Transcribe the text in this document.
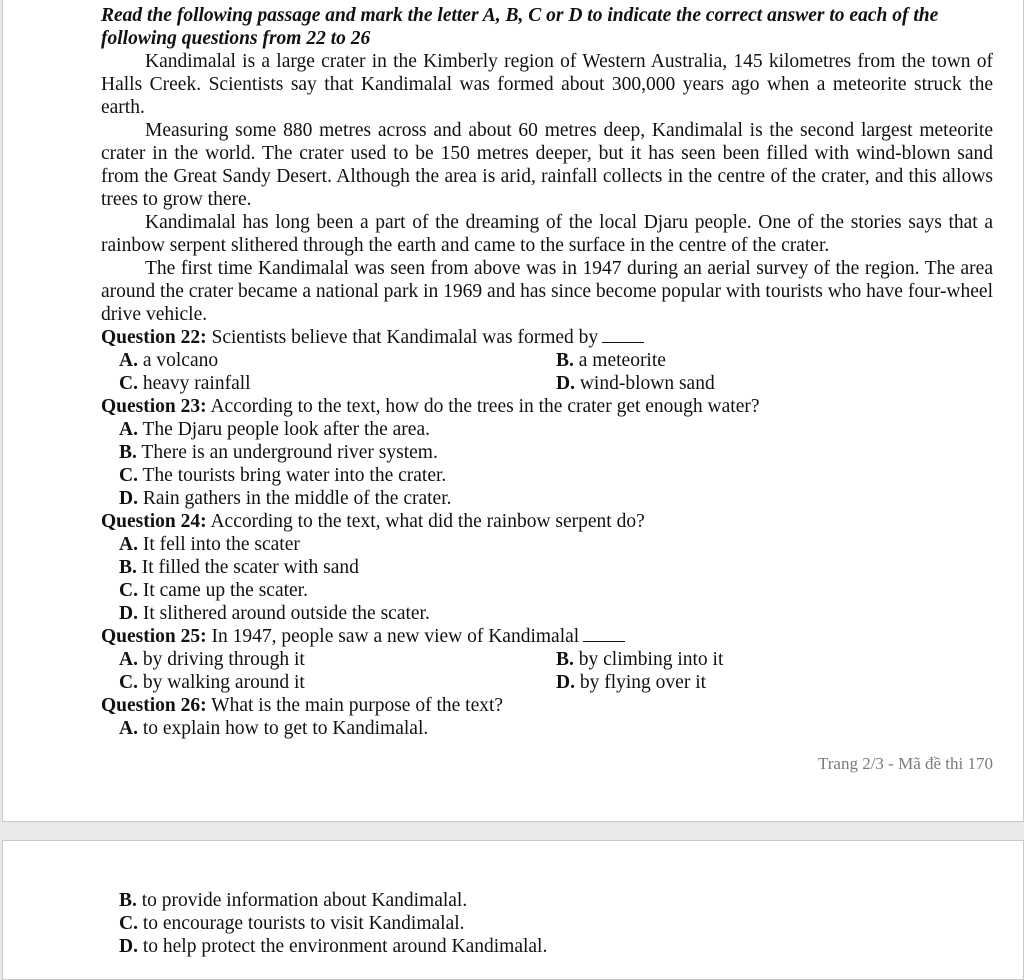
Read the following passage and mark the letter A, B, C or D to indicate the correct answer to each of the following questions from 22 to 26
Kandimalal is a large crater in the Kimberly region of Western Australia, 145 kilometres from the town of Halls Creek. Scientists say that Kandimalal was formed about 300,000 years ago when a meteorite struck the earth.
Measuring some 880 metres across and about 60 metres deep, Kandimalal is the second largest meteorite crater in the world. The crater used to be 150 metres deeper, but it has seen been filled with wind-blown sand from the Great Sandy Desert. Although the area is arid, rainfall collects in the centre of the crater, and this allows trees to grow there.
Kandimalal has long been a part of the dreaming of the local Djaru people. One of the stories says that a rainbow serpent slithered through the earth and came to the surface in the centre of the crater.
The first time Kandimalal was seen from above was in 1947 during an aerial survey of the region. The area around the crater became a national park in 1969 and has since become popular with tourists who have four-wheel drive vehicle.
Question 22: Scientists believe that Kandimalal was formed by
A. a volcano	B. a meteorite
C. heavy rainfall	D. wind-blown sand
Question 23: According to the text, how do the trees in the crater get enough water?
A. The Djaru people look after the area.
B. There is an underground river system.
C. The tourists bring water into the crater.
D. Rain gathers in the middle of the crater.
Question 24: According to the text, what did the rainbow serpent do?
A. It fell into the scater
B. It filled the scater with sand
C. It came up the scater.
D. It slithered around outside the scater.
Question 25: In 1947, people saw a new view of Kandimalal
A. by driving through it	B. by climbing into it
C. by walking around it	D. by flying over it
Question 26: What is the main purpose of the text?
A. to explain how to get to Kandimalal.
Trang 2/3 - Mã đề thi 170
B. to provide information about Kandimalal.
C. to encourage tourists to visit Kandimalal.
D. to help protect the environment around Kandimalal.
